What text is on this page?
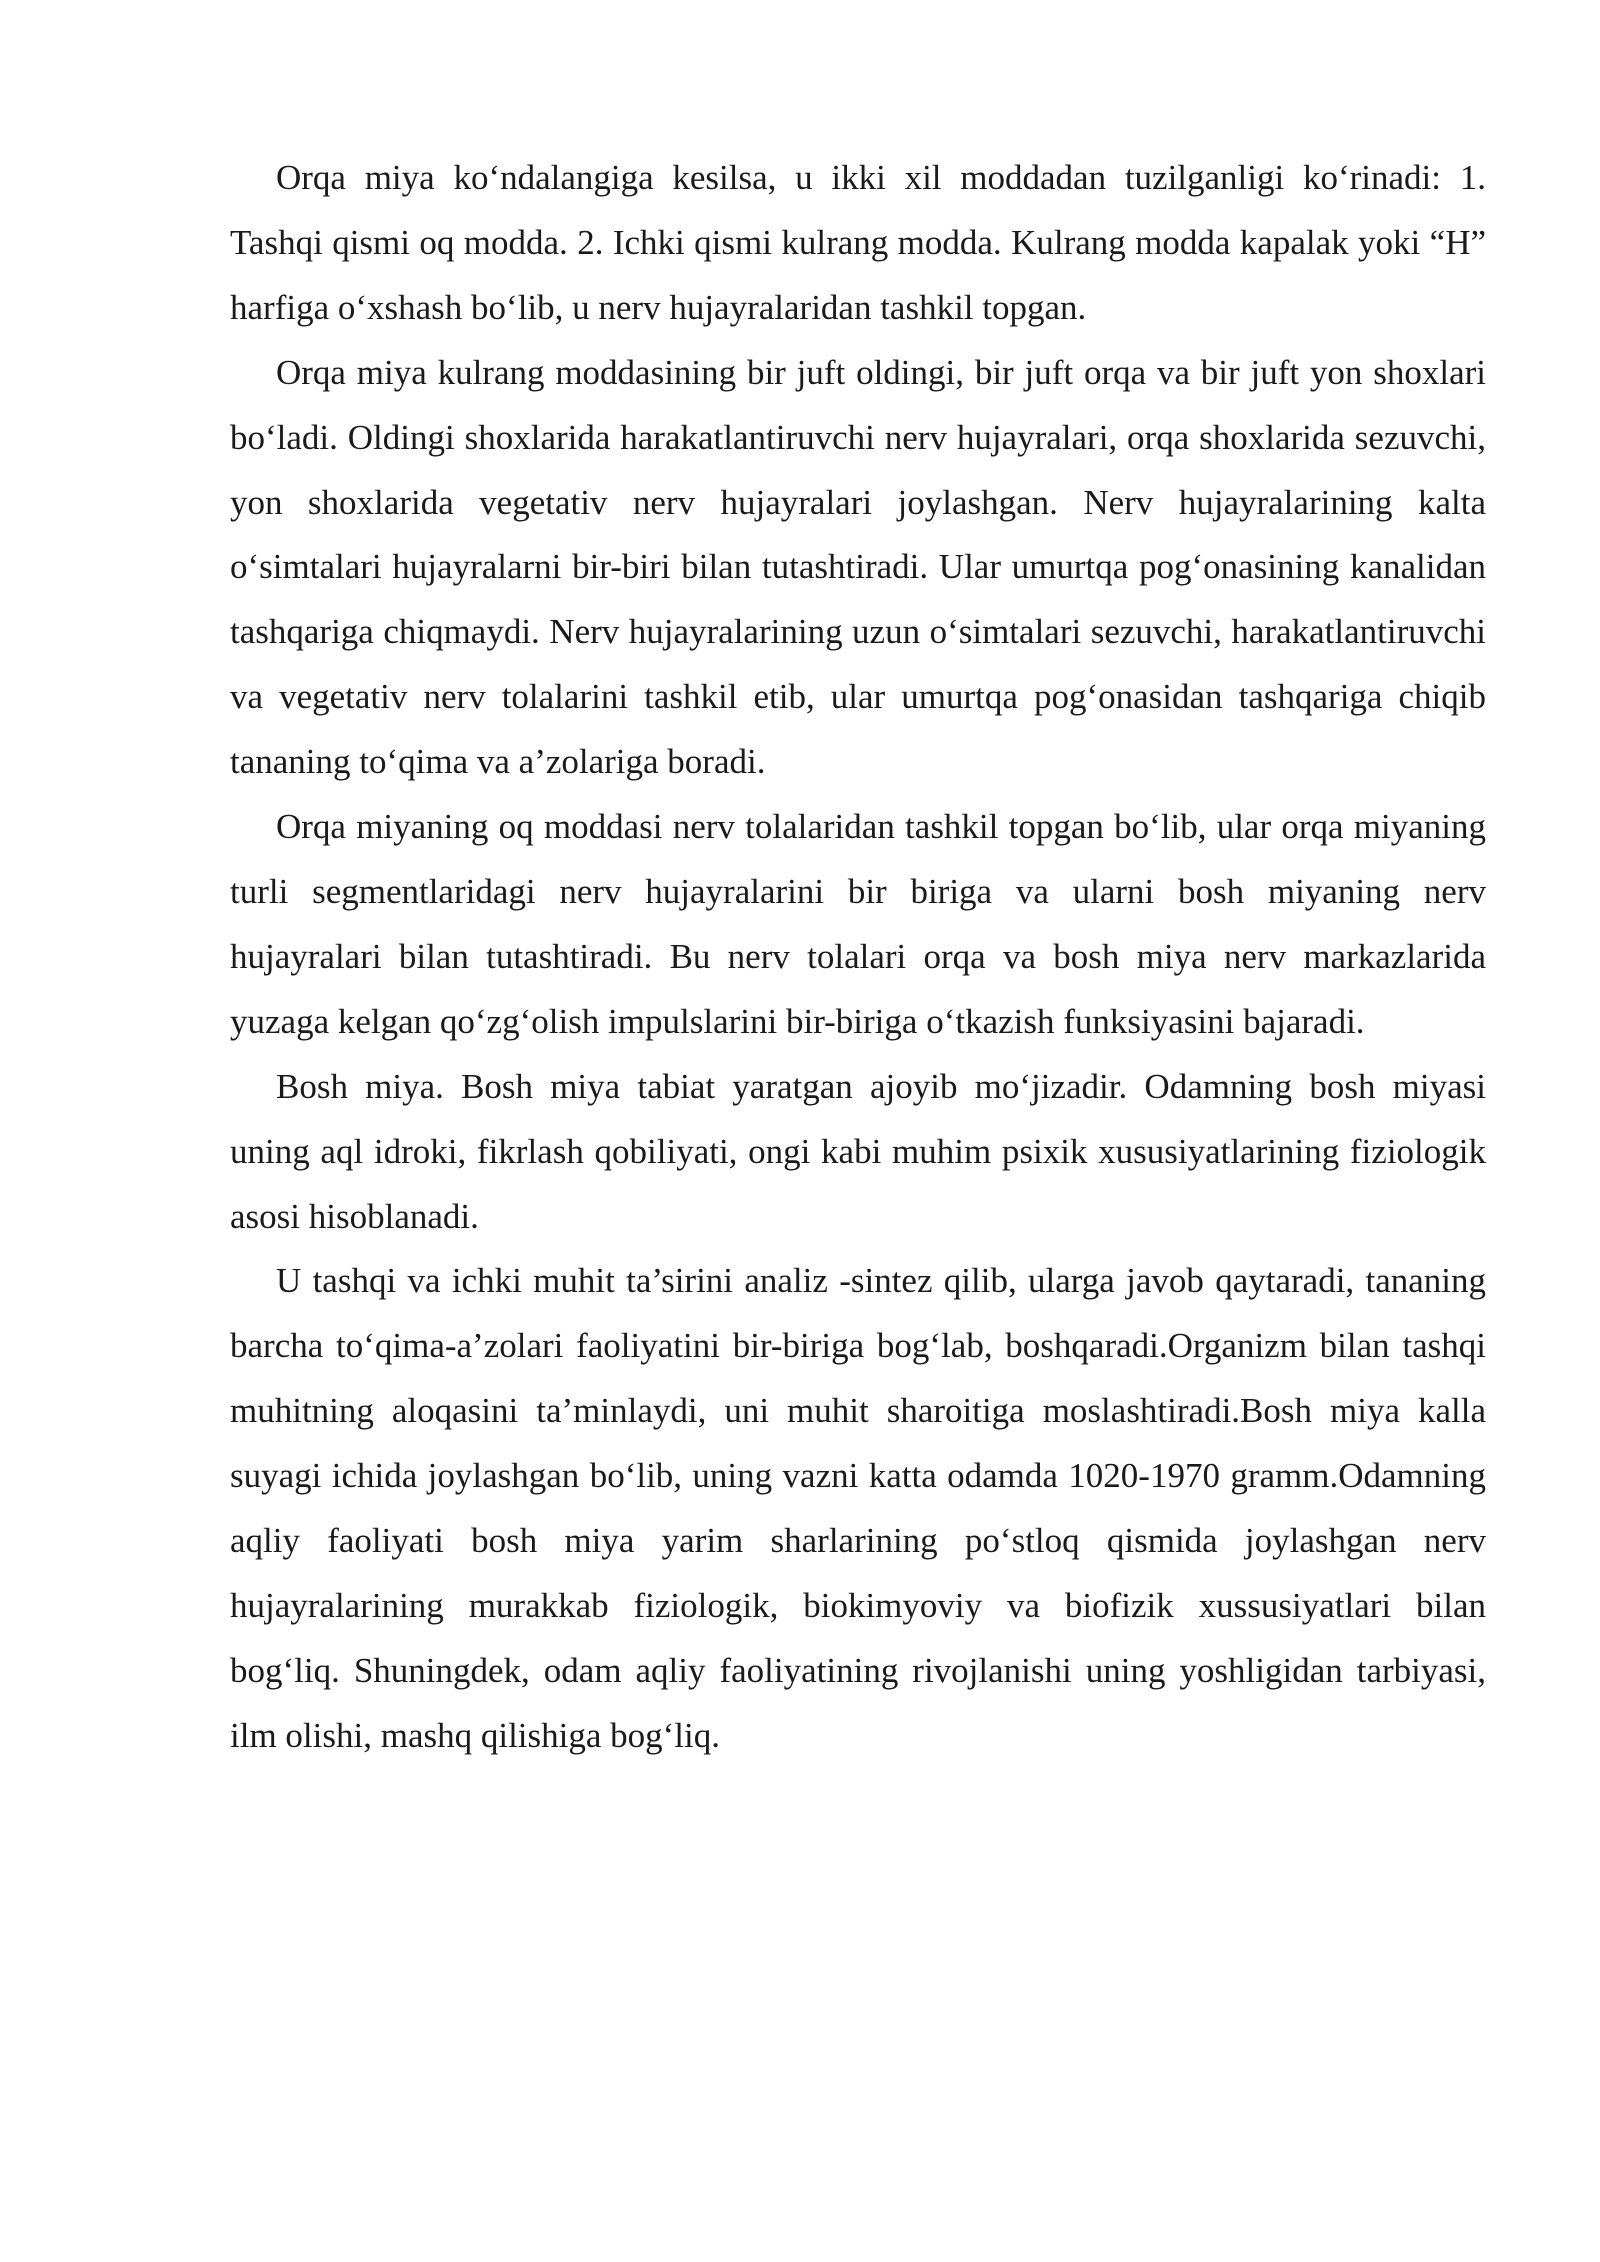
Orqa miya ko‘ndalangiga kesilsa, u ikki xil moddadan tuzilganligi ko‘rinadi: 1. Tashqi qismi oq modda. 2. Ichki qismi kulrang modda. Kulrang modda kapalak yoki “H” harfiga o‘xshash bo‘lib, u nerv hujayralaridan tashkil topgan.

Orqa miya kulrang moddasining bir juft oldingi, bir juft orqa va bir juft yon shoxlari bo‘ladi. Oldingi shoxlarida harakatlantiruvchi nerv hujayralari, orqa shoxlarida sezuvchi, yon shoxlarida vegetativ nerv hujayralari joylashgan. Nerv hujayralarining kalta o‘simtalari hujayralarni bir-biri bilan tutashtiradi. Ular umurtqa pog‘onasining kanalidan tashqariga chiqmaydi. Nerv hujayralarining uzun o‘simtalari sezuvchi, harakatlantiruvchi va vegetativ nerv tolalarini tashkil etib, ular umurtqa pog‘onasidan tashqariga chiqib tananing to‘qima va a’zolariga boradi.

Orqa miyaning oq moddasi nerv tolalaridan tashkil topgan bo‘lib, ular orqa miyaning turli segmentlaridagi nerv hujayralarini bir biriga va ularni bosh miyaning nerv hujayralari bilan tutashtiradi. Bu nerv tolalari orqa va bosh miya nerv markazlarida yuzaga kelgan qo‘zg‘olish impulslarini bir-biriga o‘tkazish funksiyasini bajaradi.

Bosh miya. Bosh miya tabiat yaratgan ajoyib mo‘jizadir. Odamning bosh miyasi uning aql idroki, fikrlash qobiliyati, ongi kabi muhim psixik xususiyatlarining fiziologik asosi hisoblanadi.

U tashqi va ichki muhit ta’sirini analiz -sintez qilib, ularga javob qaytaradi, tananing barcha to‘qima-a’zolari faoliyatini bir-biriga bog‘lab, boshqaradi.Organizm bilan tashqi muhitning aloqasini ta’minlaydi, uni muhit sharoitiga moslashtiradi.Bosh miya kalla suyagi ichida joylashgan bo‘lib, uning vazni katta odamda 1020-1970 gramm.Odamning aqliy faoliyati bosh miya yarim sharlarining po‘stloq qismida joylashgan nerv hujayralarining murakkab fiziologik, biokimyoviy va biofizik xussusiyatlari bilan bog‘liq. Shuningdek, odam aqliy faoliyatining rivojlanishi uning yoshligidan tarbiyasi, ilm olishi, mashq qilishiga bog‘liq.
